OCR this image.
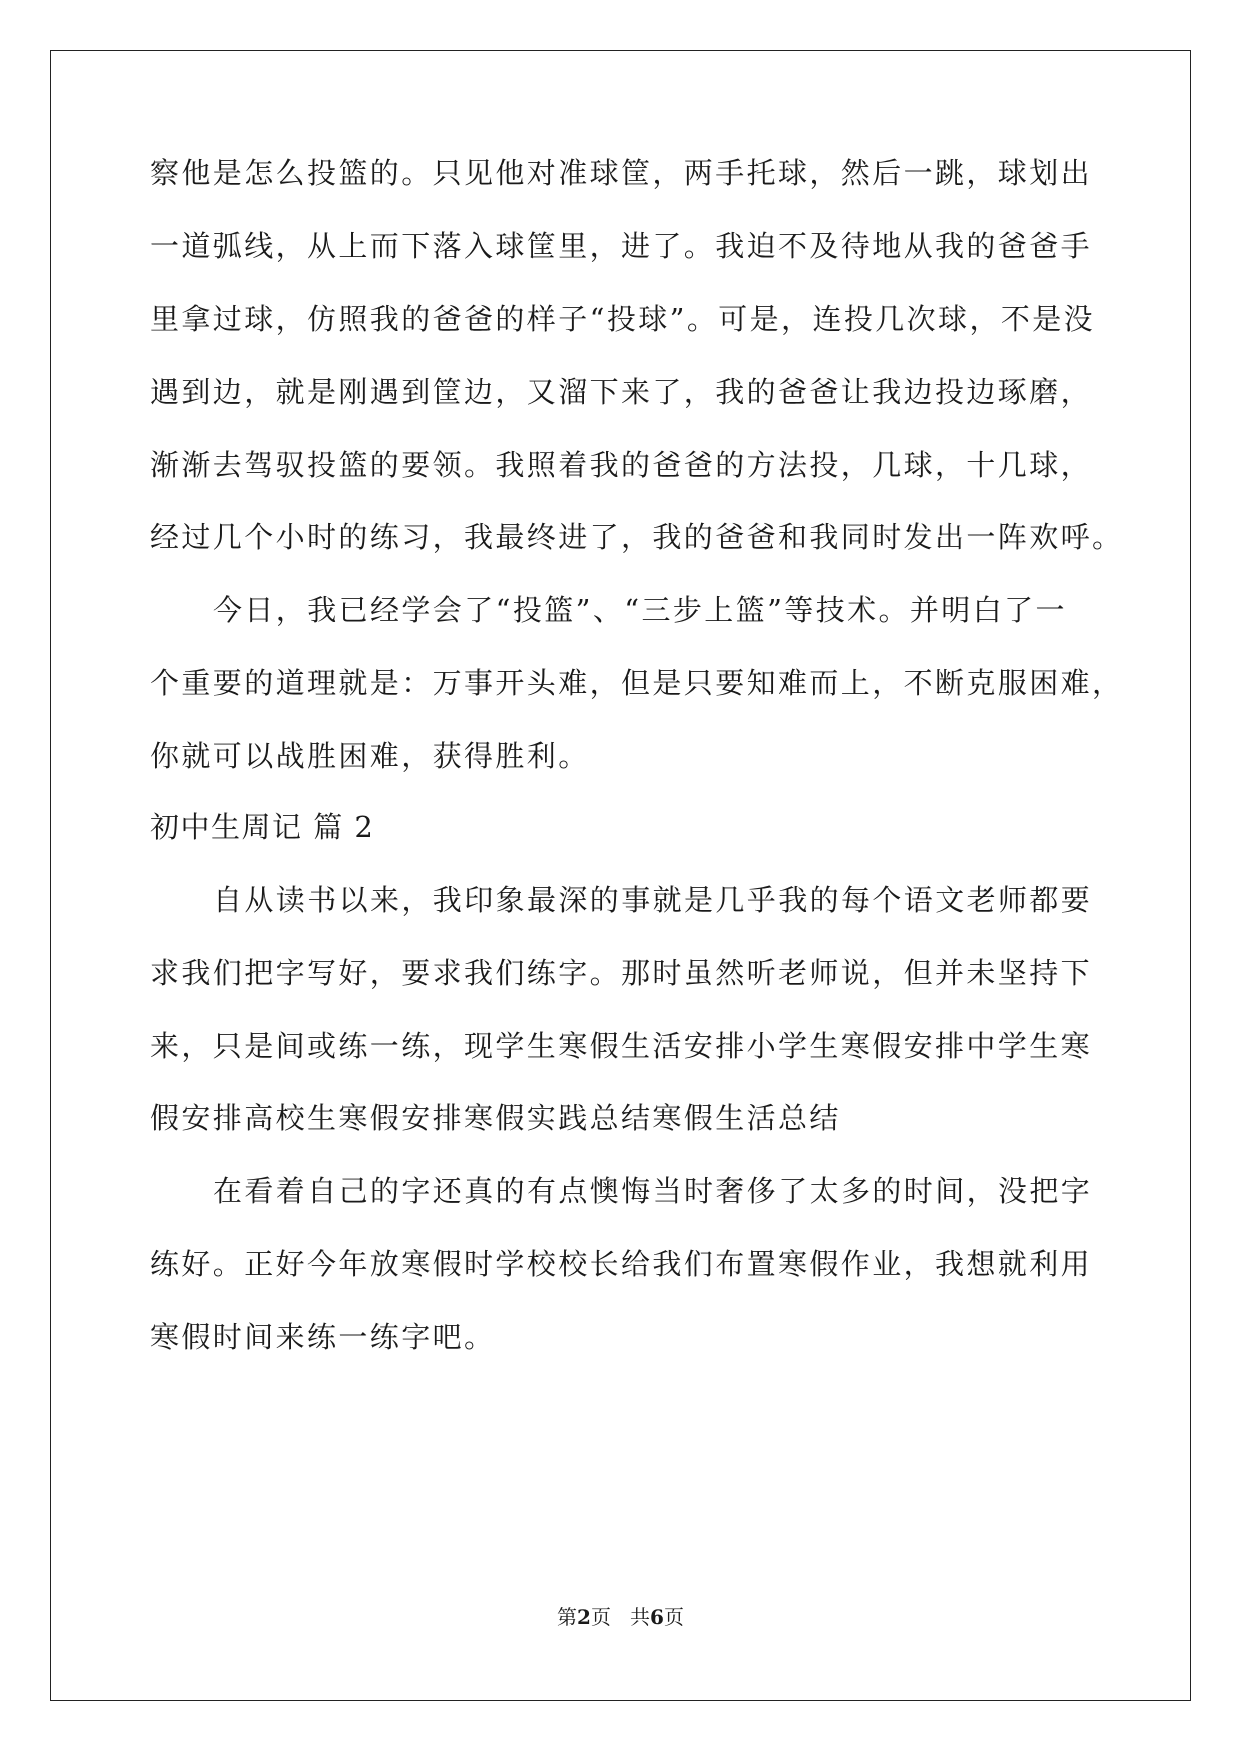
察他是怎么投篮的。只见他对准球筐，两手托球，然后一跳，球划出
一道弧线，从上而下落入球筐里，进了。我迫不及待地从我的爸爸手
里拿过球，仿照我的爸爸的样子“投球”。可是，连投几次球，不是没
遇到边，就是刚遇到筐边，又溜下来了，我的爸爸让我边投边琢磨，
渐渐去驾驭投篮的要领。我照着我的爸爸的方法投，几球，十几球，
经过几个小时的练习，我最终进了，我的爸爸和我同时发出一阵欢呼。
今日，我已经学会了“投篮”、“三步上篮”等技术。并明白了一
个重要的道理就是：万事开头难，但是只要知难而上，不断克服困难，
你就可以战胜困难，获得胜利。
初中生周记 篇 2
自从读书以来，我印象最深的事就是几乎我的每个语文老师都要
求我们把字写好，要求我们练字。那时虽然听老师说，但并未坚持下
来，只是间或练一练，现学生寒假生活安排小学生寒假安排中学生寒
假安排高校生寒假安排寒假实践总结寒假生活总结
在看着自己的字还真的有点懊悔当时奢侈了太多的时间，没把字
练好。正好今年放寒假时学校校长给我们布置寒假作业，我想就利用
寒假时间来练一练字吧。
第2页   共6页
